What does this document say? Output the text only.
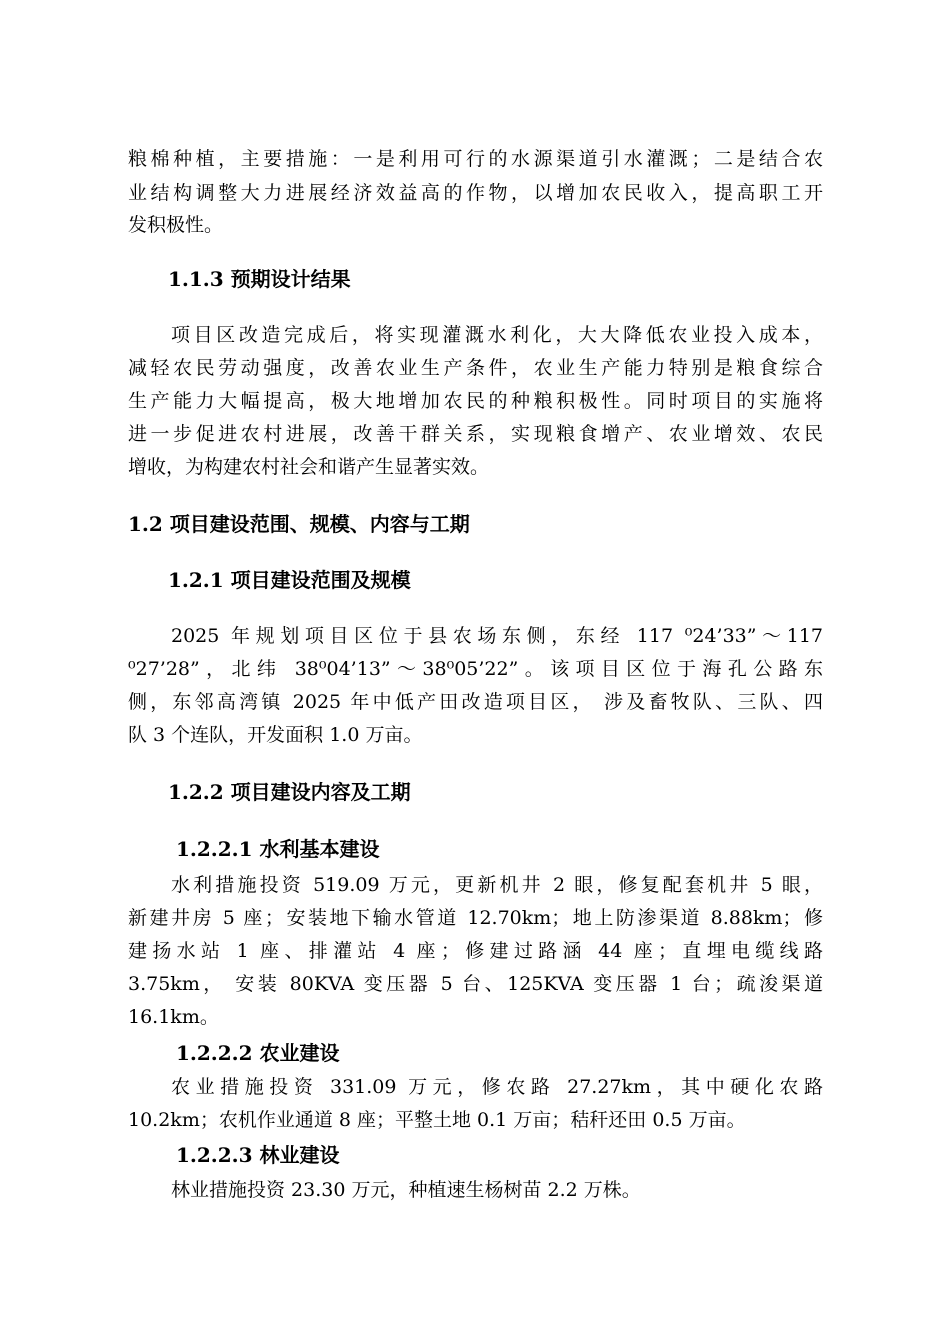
粮棉种植，主要措施：一是利用可行的水源渠道引水灌溉；二是结合农
业结构调整大力进展经济效益高的作物，以增加农民收入，提高职工开
发积极性。
1.1.3 预期设计结果
项目区改造完成后，将实现灌溉水利化，大大降低农业投入成本，
减轻农民劳动强度，改善农业生产条件，农业生产能力特别是粮食综合
生产能力大幅提高，极大地增加农民的种粮积极性。同时项目的实施将
进一步促进农村进展，改善干群关系，实现粮食增产、农业增效、农民
增收，为构建农村社会和谐产生显著实效。
1.2 项目建设范围、规模、内容与工期
1.2.1 项目建设范围及规模
2025 年规划项目区位于县农场东侧，东经 117 ⁰24’33”～117
⁰27’28”，北纬 38⁰04’13”～38⁰05’22”。该项目区位于海孔公路东
侧，东邻高湾镇 2025 年中低产田改造项目区， 涉及畜牧队、三队、四
队 3 个连队，开发面积 1.0 万亩。
1.2.2 项目建设内容及工期
1.2.2.1 水利基本建设
水利措施投资 519.09 万元，更新机井 2 眼，修复配套机井 5 眼，
新建井房 5 座；安装地下输水管道 12.70km；地上防渗渠道 8.88km；修
建扬水站 1 座、排灌站 4 座；修建过路涵 44 座；直埋电缆线路
3.75km， 安装 80KVA 变压器 5 台、125KVA 变压器 1 台；疏浚渠道
16.1km。
1.2.2.2 农业建设
农业措施投资 331.09 万元，修农路 27.27km，其中硬化农路
10.2km；农机作业通道 8 座；平整土地 0.1 万亩；秸秆还田 0.5 万亩。
1.2.2.3 林业建设
林业措施投资 23.30 万元，种植速生杨树苗 2.2 万株。
